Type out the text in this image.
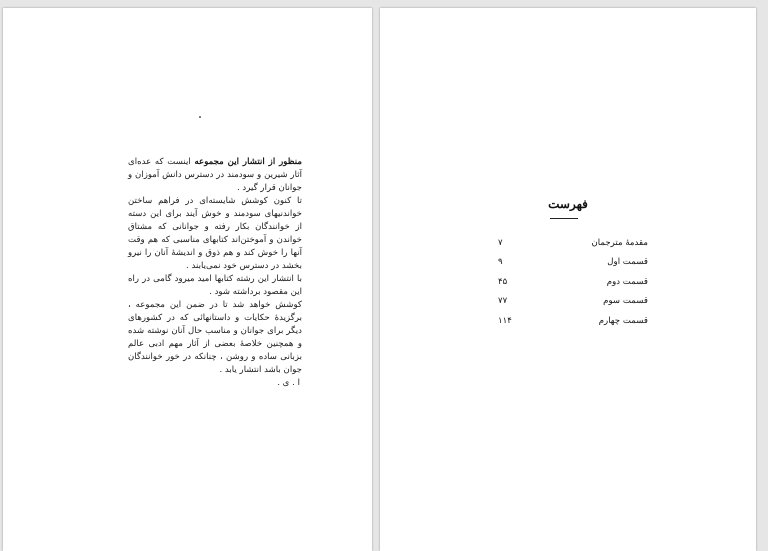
منظور از انتشار این مجموعه اینست که عده‌ای آثار شیرین و سودمند در دسترس دانش آموزان و جوانان قرار گیرد .

تا کنون کوشش شایسته‌ای در فراهم ساختن خواندنیهای سودمند و خوش آیند برای این دسته از خوانندگان بکار رفته و جوانانی که مشتاق خواندن و آموختن‌اند کتابهای مناسبی که هم وقت آنها را خوش کند و هم ذوق و اندیشهٔ آنان را نیرو بخشد در دسترس خود نمی‌یابند .

با انتشار این رشته کتابها امید میرود گامی در راه این مقصود برداشته شود .

کوشش خواهد شد تا در ضمن این مجموعه ، برگزیدهٔ حکایات و داستانهائی که در کشورهای دیگر برای جوانان و مناسب حال آنان نوشته شده و همچنین خلاصهٔ بعضی از آثار مهم ادبی عالم بزبانی ساده و روشن ، چنانکه در خور خوانندگان جوان باشد انتشار یابد .
ا . ی .

فهرست
۷	مقدمهٔ مترجمان
۹	قسمت اول
۴۵	قسمت دوم
۷۷	قسمت سوم
۱۱۴	قسمت چهارم
